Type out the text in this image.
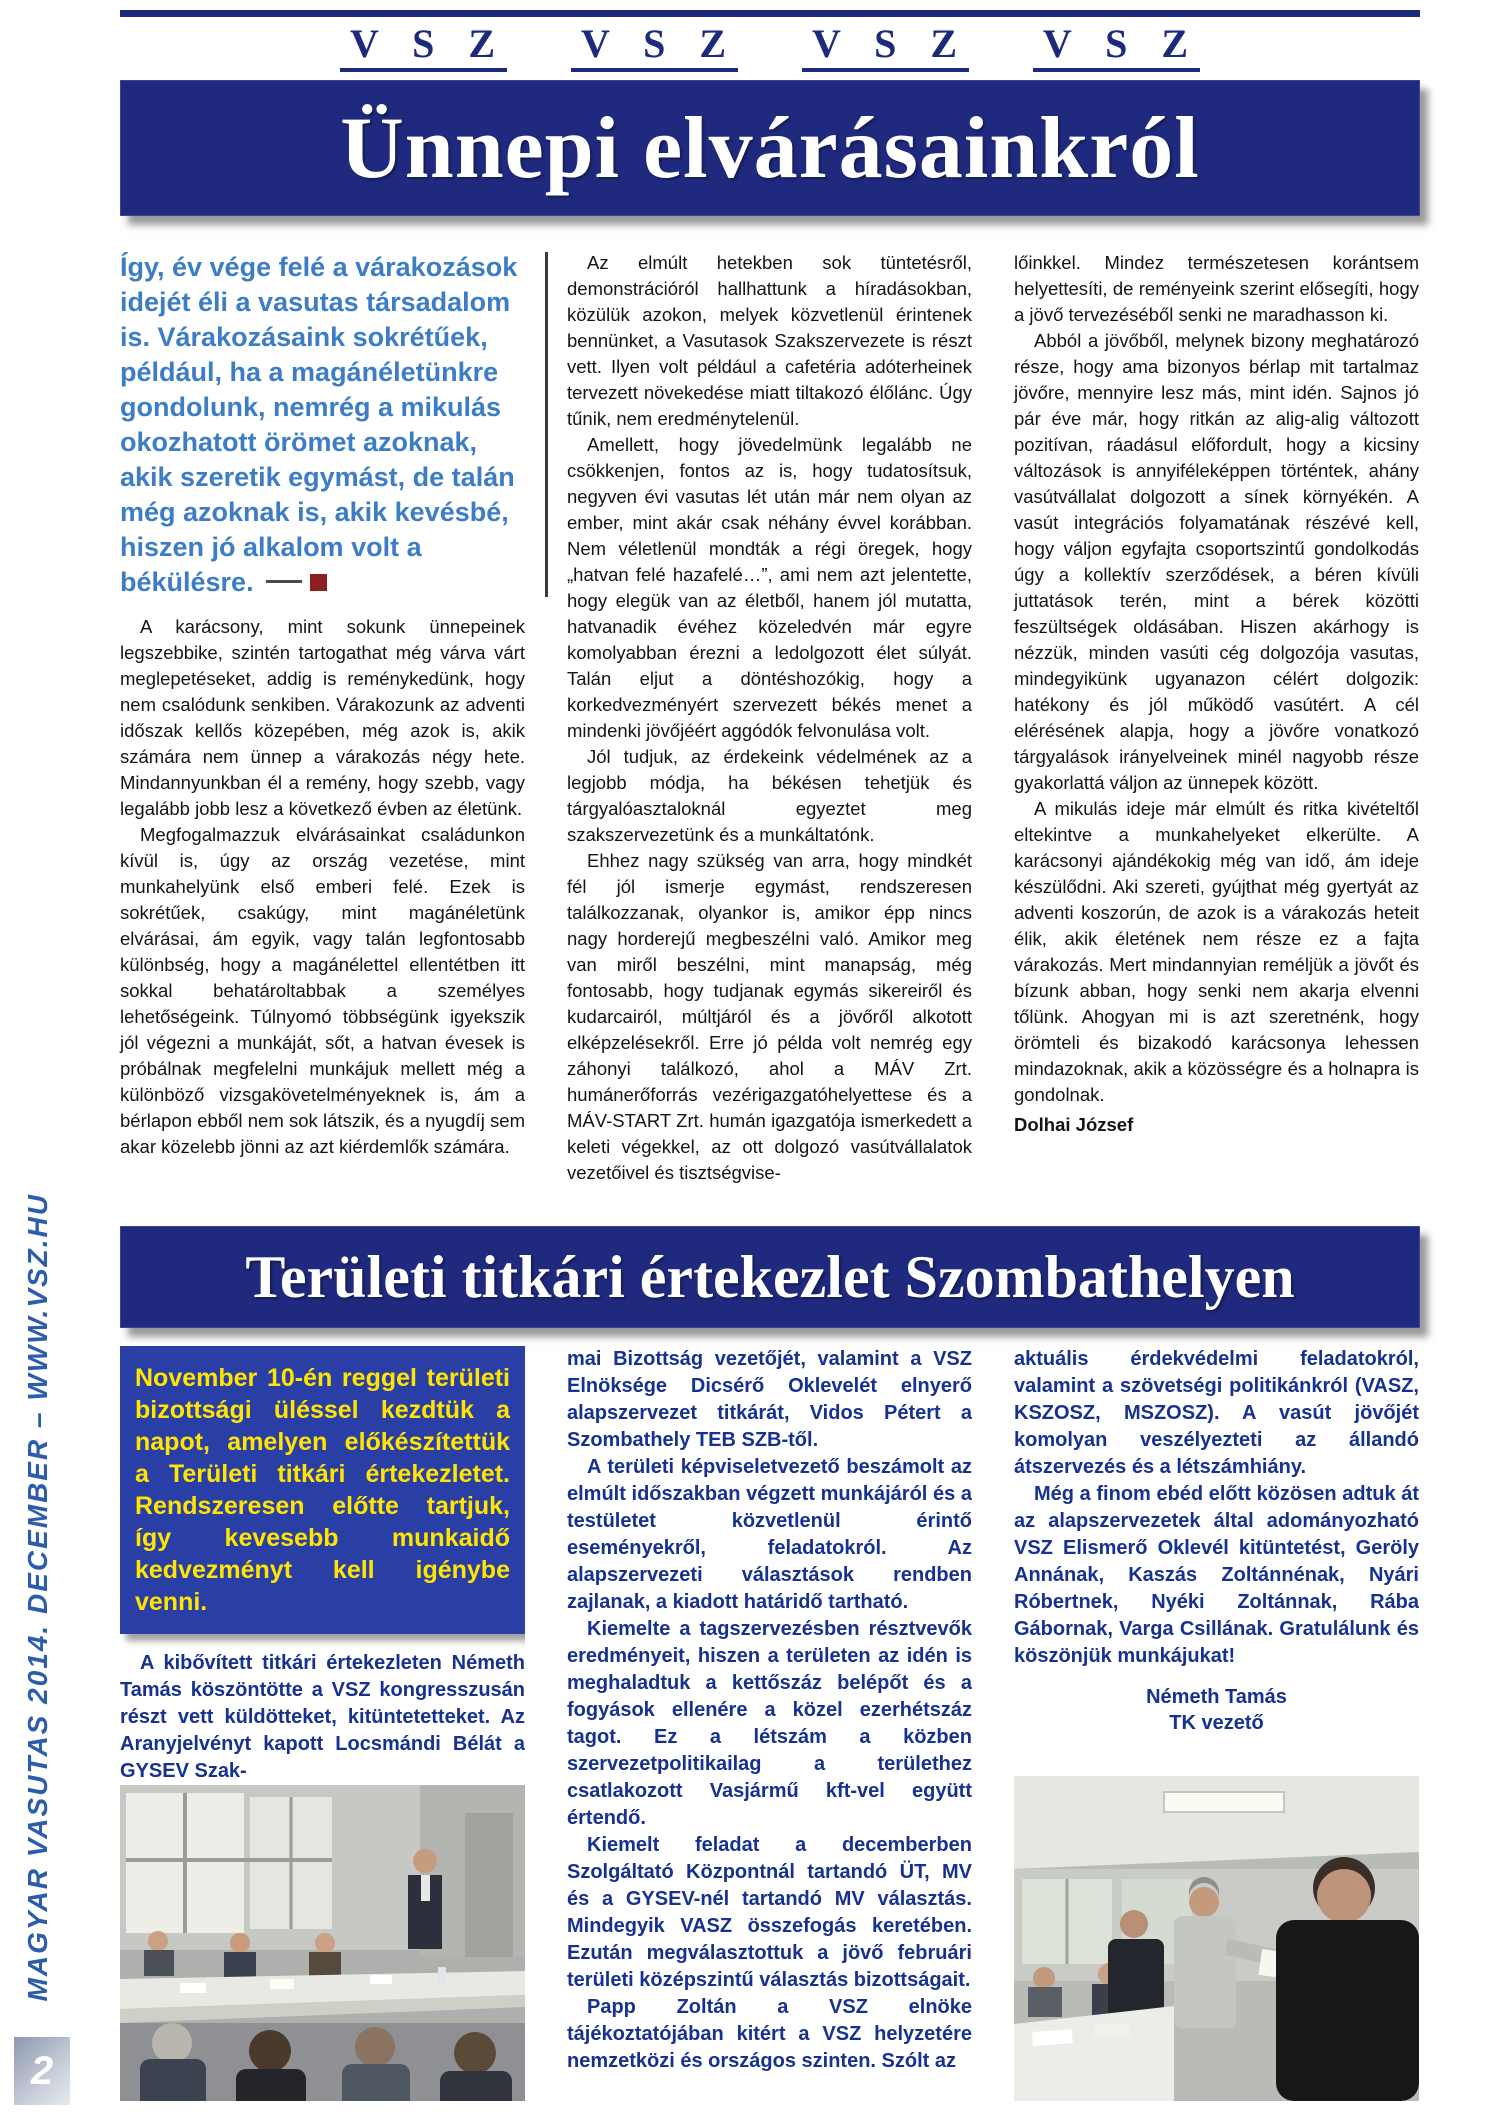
MAGYAR VASUTAS 2014. DECEMBER – WWW.VSZ.HU
2
V S Z V S Z V S Z V S Z
Ünnepi elvárásainkról
Így, év vége felé a várakozások idejét éli a vasutas társadalom is. Várakozásaink sokrétűek, például, ha a magánéletünkre gondolunk, nemrég a mikulás okozhatott örömet azoknak, akik szeretik egymást, de talán még azoknak is, akik kevésbé, hiszen jó alkalom volt a békülésre.

A karácsony, mint sokunk ünnepeinek legszebbike, szintén tartogathat még várva várt meglepetéseket, addig is reménykedünk, hogy nem csalódunk senkiben. Várakozunk az adventi időszak kellős közepében, még azok is, akik számára nem ünnep a várakozás négy hete. Mindannyunkban él a remény, hogy szebb, vagy legalább jobb lesz a következő évben az életünk.

Megfogalmazzuk elvárásainkat családunkon kívül is, úgy az ország vezetése, mint munkahelyünk első emberi felé. Ezek is sokrétűek, csakúgy, mint magánéletünk elvárásai, ám egyik, vagy talán legfontosabb különbség, hogy a magánélettel ellentétben itt sokkal behatároltabbak a személyes lehetőségeink. Túlnyomó többségünk igyekszik jól végezni a munkáját, sőt, a hatvan évesek is próbálnak megfelelni munkájuk mellett még a különböző vizsgakövetelményeknek is, ám a bérlapon ebből nem sok látszik, és a nyugdíj sem akar közelebb jönni az azt kiérdemlők számára.

Az elmúlt hetekben sok tüntetésről, demonstrációról hallhattunk a híradásokban, közülük azokon, melyek közvetlenül érintenek bennünket, a Vasutasok Szakszervezete is részt vett. Ilyen volt például a cafetéria adóterheinek tervezett növekedése miatt tiltakozó élőlánc. Úgy tűnik, nem eredménytelenül.

Amellett, hogy jövedelmünk legalább ne csökkenjen, fontos az is, hogy tudatosítsuk, negyven évi vasutas lét után már nem olyan az ember, mint akár csak néhány évvel korábban. Nem véletlenül mondták a régi öregek, hogy „hatvan felé hazafelé…”, ami nem azt jelentette, hogy elegük van az életből, hanem jól mutatta, hatvanadik évéhez közeledvén már egyre komolyabban érezni a ledolgozott élet súlyát. Talán eljut a döntéshozókig, hogy a korkedvezményért szervezett békés menet a mindenki jövőjéért aggódók felvonulása volt.

Jól tudjuk, az érdekeink védelmének az a legjobb módja, ha békésen tehetjük és tárgyalóasztaloknál egyeztet meg szakszervezetünk és a munkáltatónk.

Ehhez nagy szükség van arra, hogy mindkét fél jól ismerje egymást, rendszeresen találkozzanak, olyankor is, amikor épp nincs nagy horderejű megbeszélni való. Amikor meg van miről beszélni, mint manapság, még fontosabb, hogy tudjanak egymás sikereiről és kudarcairól, múltjáról és a jövőről alkotott elképzelésekről. Erre jó példa volt nemrég egy záhonyi találkozó, ahol a MÁV Zrt. humánerőforrás vezérigazgatóhelyettese és a MÁV-START Zrt. humán igazgatója ismerkedett a keleti végekkel, az ott dolgozó vasútvállalatok vezetőivel és tisztségvise-

lőinkkel. Mindez természetesen korántsem helyettesíti, de reményeink szerint elősegíti, hogy a jövő tervezéséből senki ne maradhasson ki.

Abból a jövőből, melynek bizony meghatározó része, hogy ama bizonyos bérlap mit tartalmaz jövőre, mennyire lesz más, mint idén. Sajnos jó pár éve már, hogy ritkán az alig-alig változott pozitívan, ráadásul előfordult, hogy a kicsiny változások is annyiféleképpen történtek, ahány vasútvállalat dolgozott a sínek környékén. A vasút integrációs folyamatának részévé kell, hogy váljon egyfajta csoportszintű gondolkodás úgy a kollektív szerződések, a béren kívüli juttatások terén, mint a bérek közötti feszültségek oldásában. Hiszen akárhogy is nézzük, minden vasúti cég dolgozója vasutas, mindegyikünk ugyanazon célért dolgozik: hatékony és jól működő vasútért. A cél elérésének alapja, hogy a jövőre vonatkozó tárgyalások irányelveinek minél nagyobb része gyakorlattá váljon az ünnepek között.

A mikulás ideje már elmúlt és ritka kivételtől eltekintve a munkahelyeket elkerülte. A karácsonyi ajándékokig még van idő, ám ideje készülődni. Aki szereti, gyújthat még gyertyát az adventi koszorún, de azok is a várakozás heteit élik, akik életének nem része ez a fajta várakozás. Mert mindannyian reméljük a jövőt és bízunk abban, hogy senki nem akarja elvenni tőlünk. Ahogyan mi is azt szeretnénk, hogy örömteli és bizakodó karácsonya lehessen mindazoknak, akik a közösségre és a holnapra is gondolnak.

Dolhai József

Területi titkári értekezlet Szombathelyen

November 10-én reggel területi bizottsági üléssel kezdtük a napot, amelyen előkészítettük a Területi titkári értekezletet. Rendszeresen előtte tartjuk, így kevesebb munkaidő kedvezményt kell igénybe venni.

A kibővített titkári értekezleten Németh Tamás köszöntötte a VSZ kongresszusán részt vett küldötteket, kitüntetetteket. Az Aranyjelvényt kapott Locsmándi Bélát a GYSEV Szak-

mai Bizottság vezetőjét, valamint a VSZ Elnöksége Dicsérő Oklevelét elnyerő alapszervezet titkárát, Vidos Pétert a Szombathely TEB SZB-től.

A területi képviseletvezető beszámolt az elmúlt időszakban végzett munkájáról és a testületet közvetlenül érintő eseményekről, feladatokról. Az alapszervezeti választások rendben zajlanak, a kiadott határidő tartható.

Kiemelte a tagszervezésben résztvevők eredményeit, hiszen a területen az idén is meghaladtuk a kettőszáz belépőt és a fogyások ellenére a közel ezerhétszáz tagot. Ez a létszám a közben szervezetpolitikailag a területhez csatlakozott Vasjármű kft-vel együtt értendő.

Kiemelt feladat a decemberben Szolgáltató Központnál tartandó ÜT, MV és a GYSEV-nél tartandó MV választás. Mindegyik VASZ összefogás keretében. Ezután megválasztottuk a jövő februári területi középszintű választás bizottságait.

Papp Zoltán a VSZ elnöke tájékoztatójában kitért a VSZ helyzetére nemzetközi és országos szinten. Szólt az

aktuális érdekvédelmi feladatokról, valamint a szövetségi politikánkról (VASZ, KSZOSZ, MSZOSZ). A vasút jövőjét komolyan veszélyezteti az állandó átszervezés és a létszámhiány.

Még a finom ebéd előtt közösen adtuk át az alapszervezetek által adományozható VSZ Elismerő Oklevél kitüntetést, Geröly Annának, Kaszás Zoltánnénak, Nyári Róbertnek, Nyéki Zoltánnak, Rába Gábornak, Varga Csillának. Gratulálunk és köszönjük munkájukat!

Németh Tamás
TK vezető
